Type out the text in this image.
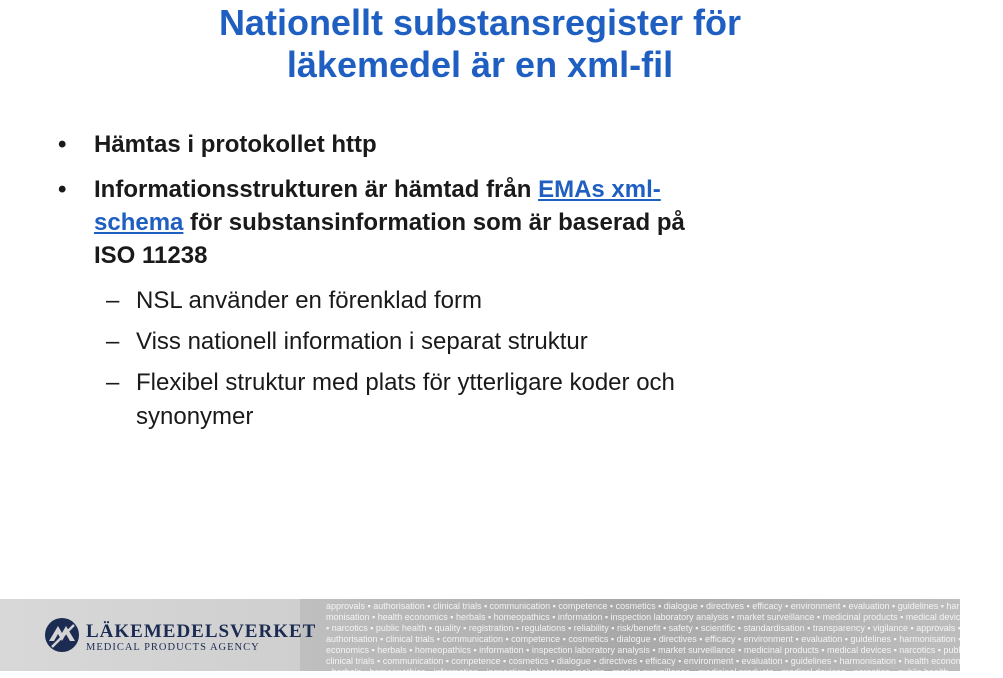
Nationellt substansregister för
läkemedel är en xml-fil
• Hämtas i protokollet http
• Informationsstrukturen är hämtad från EMAs xml-
schema för substansinformation som är baserad på
ISO 11238
– NSL använder en förenklad form
– Viss nationell information i separat struktur
– Flexibel struktur med plats för ytterligare koder och
synonymer
LÄKEMEDELSVERKET
MEDICAL PRODUCTS AGENCY
approvals ▪ authorisation ▪ clinical trials ▪ communication ▪ competence ▪ cosmetics ▪ dialogue ▪ directives ▪ efficacy ▪ environment ▪ evaluation ▪ guidelines ▪ harmonisation
monisation ▪ health economics ▪ herbals ▪ homeopathics ▪ information ▪ inspection laboratory analysis ▪ market surveillance ▪ medicinal products ▪ medical devices
▪ narcotics ▪ public health ▪ quality ▪ registration ▪ regulations ▪ reliability ▪ risk/benefit ▪ safety ▪ scientific ▪ standardisation ▪ transparency ▪ vigilance ▪ approvals ▪
authorisation ▪ clinical trials ▪ communication ▪ competence ▪ cosmetics ▪ dialogue ▪ directives ▪ efficacy ▪ environment ▪ evaluation ▪ guidelines ▪ harmonisation ▪ health
economics ▪ herbals ▪ homeopathics ▪ information ▪ inspection laboratory analysis ▪ market surveillance ▪ medicinal products ▪ medical devices ▪ narcotics ▪ public health
clinical trials ▪ communication ▪ competence ▪ cosmetics ▪ dialogue ▪ directives ▪ efficacy ▪ environment ▪ evaluation ▪ guidelines ▪ harmonisation ▪ health economics
▪ herbals ▪ homeopathics ▪ information ▪ inspection laboratory analysis ▪ market surveillance ▪ medicinal products ▪ medical devices ▪ narcotics ▪ public health
